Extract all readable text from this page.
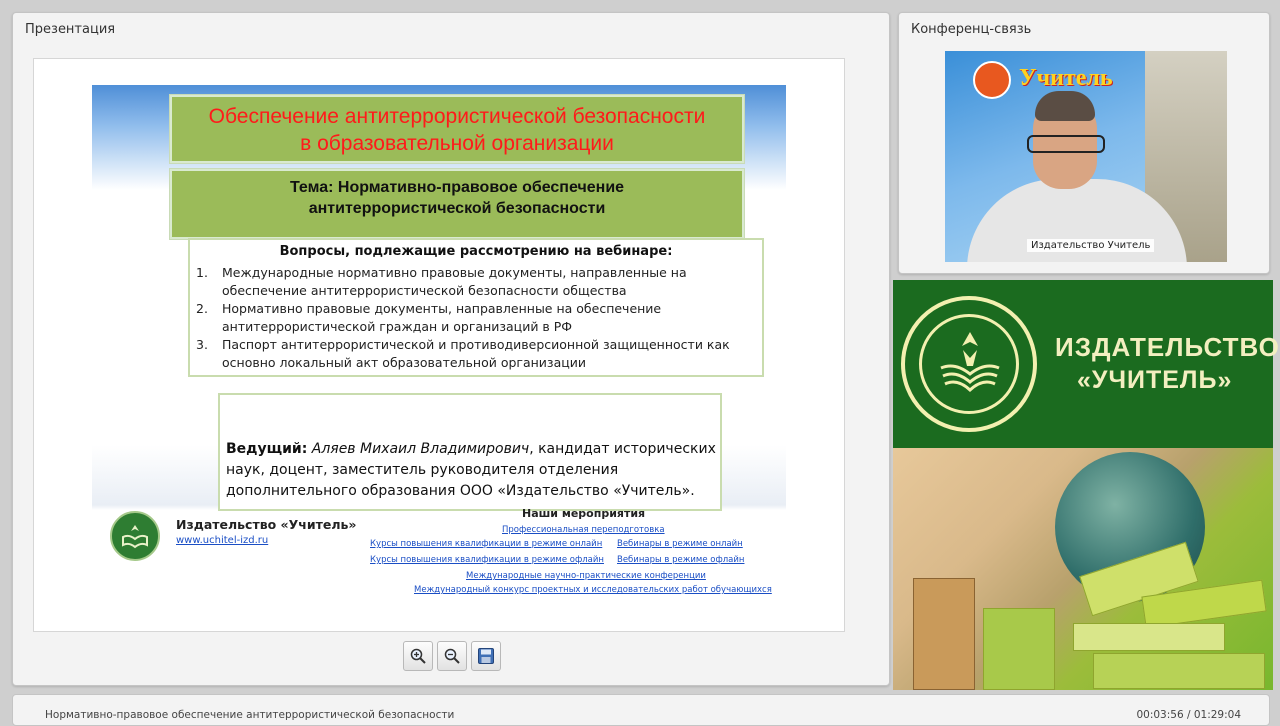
Презентация
Обеспечение антитеррористической безопасности
в образовательной организации
Тема: Нормативно-правовое обеспечение
антитеррористической безопасности
Вопросы, подлежащие рассмотрению на вебинаре:
1.	Международные нормативно правовые документы, направленные на обеспечение антитеррористической безопасности общества
2.	Нормативно правовые документы, направленные на обеспечение антитеррористической граждан и организаций в РФ
3.	Паспорт антитеррористической и противодиверсионной защищенности как основно локальный акт образовательной организации
Ведущий: Аляев Михаил Владимирович, кандидат исторических наук, доцент, заместитель руководителя отделения дополнительного образования ООО «Издательство «Учитель».
Издательство «Учитель»
www.uchitel-izd.ru
Наши мероприятия
Профессиональная переподготовка
Курсы повышения квалификации в режиме онлайн Вебинары в режиме онлайн
Курсы повышения квалификации в режиме офлайн Вебинары в режиме офлайн
Международные научно-практические конференции
Международный конкурс проектных и исследовательских работ обучающихся
Конференц-связь
Учитель
Издательство Учитель
ИЗДАТЕЛЬСТВО
«УЧИТЕЛЬ»
Нормативно-правовое обеспечение антитеррористической безопасности	00:03:56 / 01:29:04
